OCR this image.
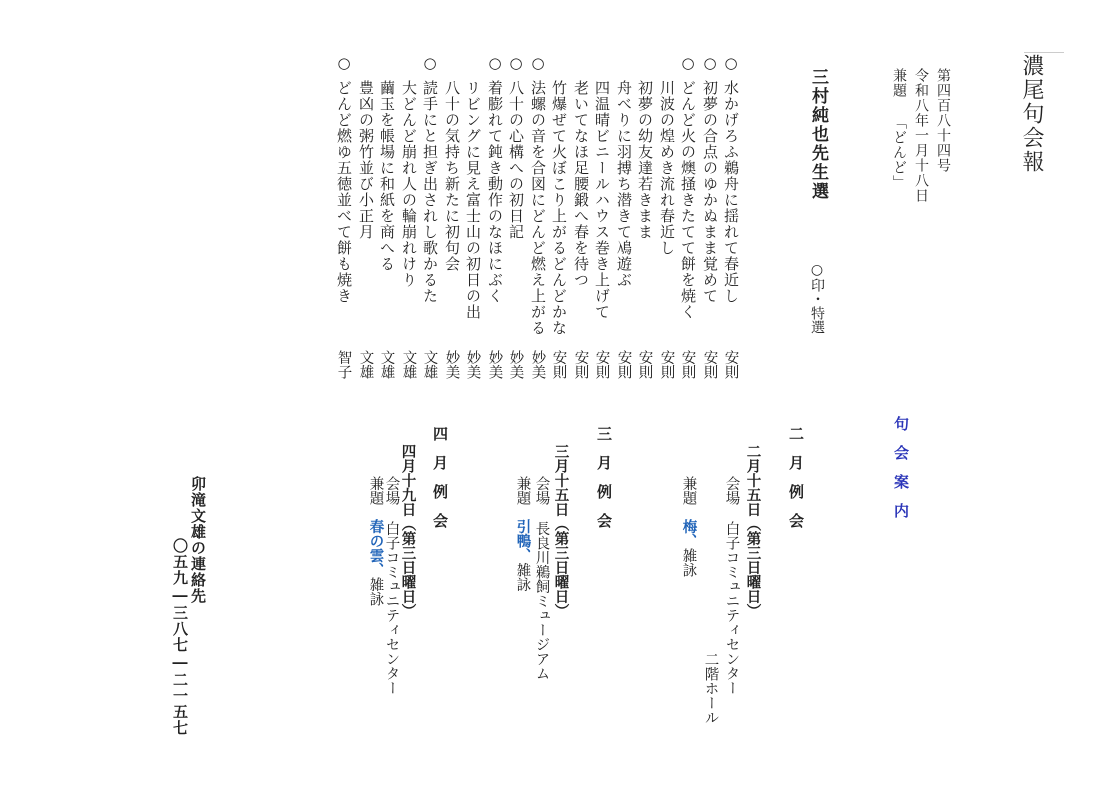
濃尾句会報
第四百八十四号
令和八年一月十八日
兼題 「どんど」
三村純也先生選
○印・特選
○
水かげろふ鵜舟に揺れて春近し
安則
○
初夢の合点のゆかぬまま覚めて
安則
○
どんど火の燠掻きたてて餅を焼く
安則
川波の煌めき流れ春近し
安則
初夢の幼友達若きまま
安則
舟べりに羽搏ち潜きて鳰遊ぶ
安則
四温晴ビニールハウス巻き上げて
安則
老いてなほ足腰鍛へ春を待つ
安則
竹爆ぜて火ぼこり上がるどんどかな
安則
○
法螺の音を合図にどんど燃え上がる
妙美
○
八十の心構への初日記
妙美
○
着膨れて鈍き動作のなほにぶく
妙美
リビングに見え富士山の初日の出
妙美
八十の気持ち新たに初句会
妙美
○
読手にと担ぎ出されし歌かるた
文雄
大どんど崩れ人の輪崩れけり
文雄
繭玉を帳場に和紙を商へる
文雄
豊凶の粥竹並び小正月
文雄
○
どんど燃ゆ五徳並べて餅も焼き
智子
句会案内
二月例会
二月十五日（第三日曜日）
会場 白子コミュニティセンター
二階ホール
兼題梅、雑詠
三月例会
三月十五日（第三日曜日）
会場 長良川鵜飼ミュージアム
兼題引鴨、雑詠
四月例会
四月十九日（第三日曜日）
会場 白子コミュニティセンター
兼題春の雲、雑詠
卯滝文雄の連絡先
〇五九―三八七―二一五七
